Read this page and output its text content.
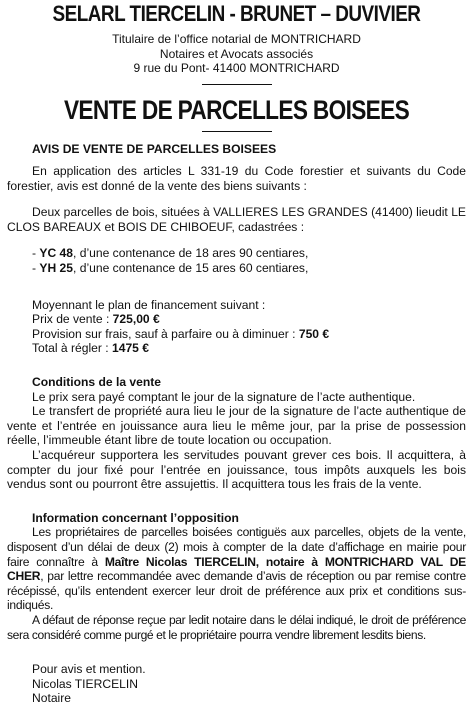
SELARL TIERCELIN - BRUNET – DUVIVIER
Titulaire de l’office notarial de MONTRICHARD
Notaires et Avocats associés
9 rue du Pont- 41400 MONTRICHARD
VENTE DE PARCELLES BOISEES

AVIS DE VENTE DE PARCELLES BOISEES

En application des articles L 331-19 du Code forestier et suivants du Code forestier, avis est donné de la vente des biens suivants :

Deux parcelles de bois, situées à VALLIERES LES GRANDES (41400) lieudit LE CLOS BAREAUX et BOIS DE CHIBOEUF, cadastrées :

- YC 48, d’une contenance de 18 ares 90 centiares,

- YH 25, d’une contenance de 15 ares 60 centiares,

Moyennant le plan de financement suivant :

Prix de vente : 725,00 €

Provision sur frais, sauf à parfaire ou à diminuer : 750 €

Total à régler : 1475 €

Conditions de la vente

Le prix sera payé comptant le jour de la signature de l’acte authentique.

Le transfert de propriété aura lieu le jour de la signature de l’acte authentique de vente et l’entrée en jouissance aura lieu le même jour, par la prise de possession réelle, l’immeuble étant libre de toute location ou occupation.

L’acquéreur supportera les servitudes pouvant grever ces bois. Il acquittera, à compter du jour fixé pour l’entrée en jouissance, tous impôts auxquels les bois vendus sont ou pourront être assujettis. Il acquittera tous les frais de la vente.

Information concernant l’opposition

Les propriétaires de parcelles boisées contiguës aux parcelles, objets de la vente, disposent d’un délai de deux (2) mois à compter de la date d’affichage en mairie pour faire connaître à Maître Nicolas TIERCELIN, notaire à MONTRICHARD VAL DE CHER, par lettre recommandée avec demande d’avis de réception ou par remise contre récépissé, qu’ils entendent exercer leur droit de préférence aux prix et conditions sus-indiqués.

A défaut de réponse reçue par ledit notaire dans le délai indiqué, le droit de préférence sera considéré comme purgé et le propriétaire pourra vendre librement lesdits biens.

Pour avis et mention.

Nicolas TIERCELIN

Notaire
